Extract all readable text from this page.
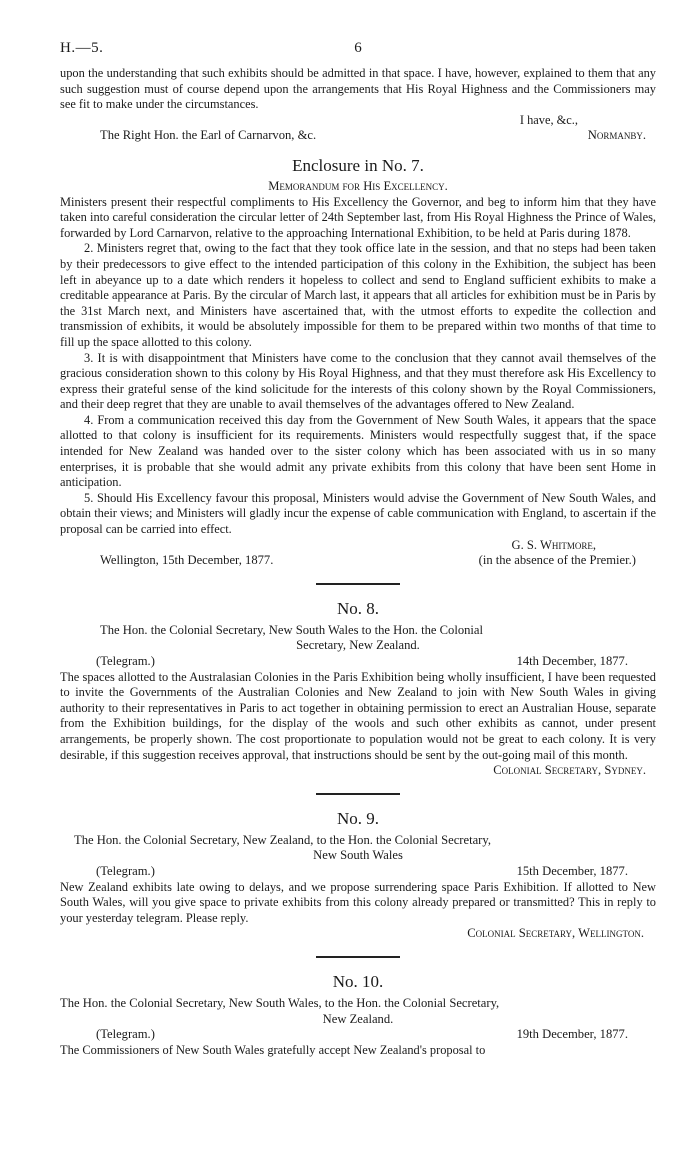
H.—5.	6

upon the understanding that such exhibits should be admitted in that space. I have, however, explained to them that any such suggestion must of course depend upon the arrangements that His Royal Highness and the Commissioners may see fit to make under the circumstances.

I have, &c.,

The Right Hon. the Earl of Carnarvon, &c.	Normanby.
Enclosure in No. 7.
Memorandum for His Excellency.

Ministers present their respectful compliments to His Excellency the Governor, and beg to inform him that they have taken into careful consideration the circular letter of 24th September last, from His Royal Highness the Prince of Wales, forwarded by Lord Carnarvon, relative to the approaching International Exhibition, to be held at Paris during 1878.

2. Ministers regret that, owing to the fact that they took office late in the session, and that no steps had been taken by their predecessors to give effect to the intended participation of this colony in the Exhibition, the subject has been left in abeyance up to a date which renders it hopeless to collect and send to England sufficient exhibits to make a creditable appearance at Paris. By the circular of March last, it appears that all articles for exhibition must be in Paris by the 31st March next, and Ministers have ascertained that, with the utmost efforts to expedite the collection and transmission of exhibits, it would be absolutely impossible for them to be prepared within two months of that time to fill up the space allotted to this colony.

3. It is with disappointment that Ministers have come to the conclusion that they cannot avail themselves of the gracious consideration shown to this colony by His Royal Highness, and that they must therefore ask His Excellency to express their grateful sense of the kind solicitude for the interests of this colony shown by the Royal Commissioners, and their deep regret that they are unable to avail themselves of the advantages offered to New Zealand.

4. From a communication received this day from the Government of New South Wales, it appears that the space allotted to that colony is insufficient for its requirements. Ministers would respectfully suggest that, if the space intended for New Zealand was handed over to the sister colony which has been associated with us in so many enterprises, it is probable that she would admit any private exhibits from this colony that have been sent Home in anticipation.

5. Should His Excellency favour this proposal, Ministers would advise the Government of New South Wales, and obtain their views; and Ministers will gladly incur the expense of cable communication with England, to ascertain if the proposal can be carried into effect.

G. S. Whitmore,

Wellington, 15th December, 1877.	(in the absence of the Premier.)
No. 8.

The Hon. the Colonial Secretary, New South Wales to the Hon. the Colonial

Secretary, New Zealand.

(Telegram.)	14th December, 1877.

The spaces allotted to the Australasian Colonies in the Paris Exhibition being wholly insufficient, I have been requested to invite the Governments of the Australian Colonies and New Zealand to join with New South Wales in giving authority to their representatives in Paris to act together in obtaining permission to erect an Australian House, separate from the Exhibition buildings, for the display of the wools and such other exhibits as cannot, under present arrangements, be properly shown. The cost proportionate to population would not be great to each colony. It is very desirable, if this suggestion receives approval, that instructions should be sent by the out-going mail of this month.

Colonial Secretary, Sydney.

No. 9.

The Hon. the Colonial Secretary, New Zealand, to the Hon. the Colonial Secretary,

New South Wales

(Telegram.)	15th December, 1877.

New Zealand exhibits late owing to delays, and we propose surrendering space Paris Exhibition. If allotted to New South Wales, will you give space to private exhibits from this colony already prepared or transmitted? This in reply to your yesterday telegram. Please reply.

Colonial Secretary, Wellington.

No. 10.

The Hon. the Colonial Secretary, New South Wales, to the Hon. the Colonial Secretary,

New Zealand.

(Telegram.)	19th December, 1877.

The Commissioners of New South Wales gratefully accept New Zealand's proposal to
